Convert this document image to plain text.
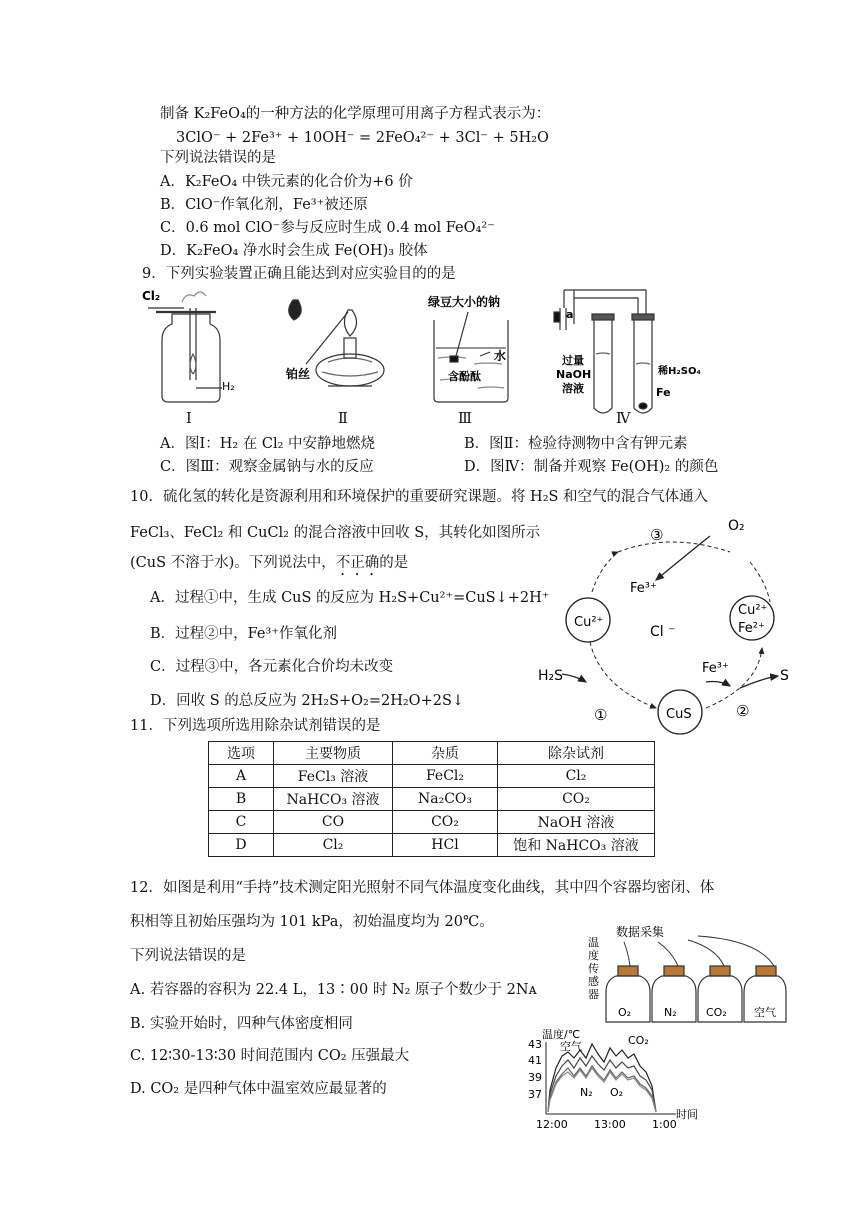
制备 K₂FeO₄的一种方法的化学原理可用离子方程式表示为：
3ClO⁻ + 2Fe³⁺ + 10OH⁻ = 2FeO₄²⁻ + 3Cl⁻ + 5H₂O
下列说法错误的是
A．K₂FeO₄ 中铁元素的化合价为+6 价
B．ClO⁻作氧化剂，Fe³⁺被还原
C．0.6 mol ClO⁻参与反应时生成 0.4 mol FeO₄²⁻
D．K₂FeO₄ 净水时会生成 Fe(OH)₃ 胶体
9．下列实验装置正确且能达到对应实验目的的是
Cl₂
H₂
铂丝
绿豆大小的钠
水
含酚酞
a
过量
NaOH
溶液
稀H₂SO₄
Fe
Ⅰ	Ⅱ	Ⅲ	Ⅳ
A．图Ⅰ：H₂ 在 Cl₂ 中安静地燃烧	B．图Ⅱ：检验待测物中含有钾元素
C．图Ⅲ：观察金属钠与水的反应	D．图Ⅳ：制备并观察 Fe(OH)₂ 的颜色
10．硫化氢的转化是资源利用和环境保护的重要研究课题。将 H₂S 和空气的混合气体通入
FeCl₃、FeCl₂ 和 CuCl₂ 的混合溶液中回收 S，其转化如图所示
(CuS 不溶于水)。下列说法中，不正确的是
A．过程①中，生成 CuS 的反应为 H₂S+Cu²⁺=CuS↓+2H⁺
B．过程②中，Fe³⁺作氧化剂
C．过程③中，各元素化合价均未改变
D．回收 S 的总反应为 2H₂S+O₂=2H₂O+2S↓
O₂
Fe³⁺
Cu²⁺
Cl ⁻
Cu²⁺
Fe²⁺
Fe³⁺
H₂S
CuS
S
①	②
③
11．下列选项所选用除杂试剂错误的是
选项	主要物质	杂质	除杂试剂
A	FeCl₃ 溶液	FeCl₂	Cl₂
B	NaHCO₃ 溶液	Na₂CO₃	CO₂
C	CO	CO₂	NaOH 溶液
D	Cl₂	HCl	饱和 NaHCO₃ 溶液
12．如图是利用“手持”技术测定阳光照射不同气体温度变化曲线，其中四个容器均密闭、体
积相等且初始压强均为 101 kPa，初始温度均为 20℃。
下列说法错误的是
A. 若容器的容积为 22.4 L，13∶00 时 N₂ 原子个数少于 2Nᴀ
B. 实验开始时，四种气体密度相同
C. 12∶30-13∶30 时间范围内 CO₂ 压强最大
D. CO₂ 是四种气体中温室效应最显著的
数据采集
温
度
传
感
器
O₂	N₂	CO₂ 空气
温度/℃
43
41
39
37
12:00 13:00 1:00
时间
空气	CO₂
N₂ O₂
